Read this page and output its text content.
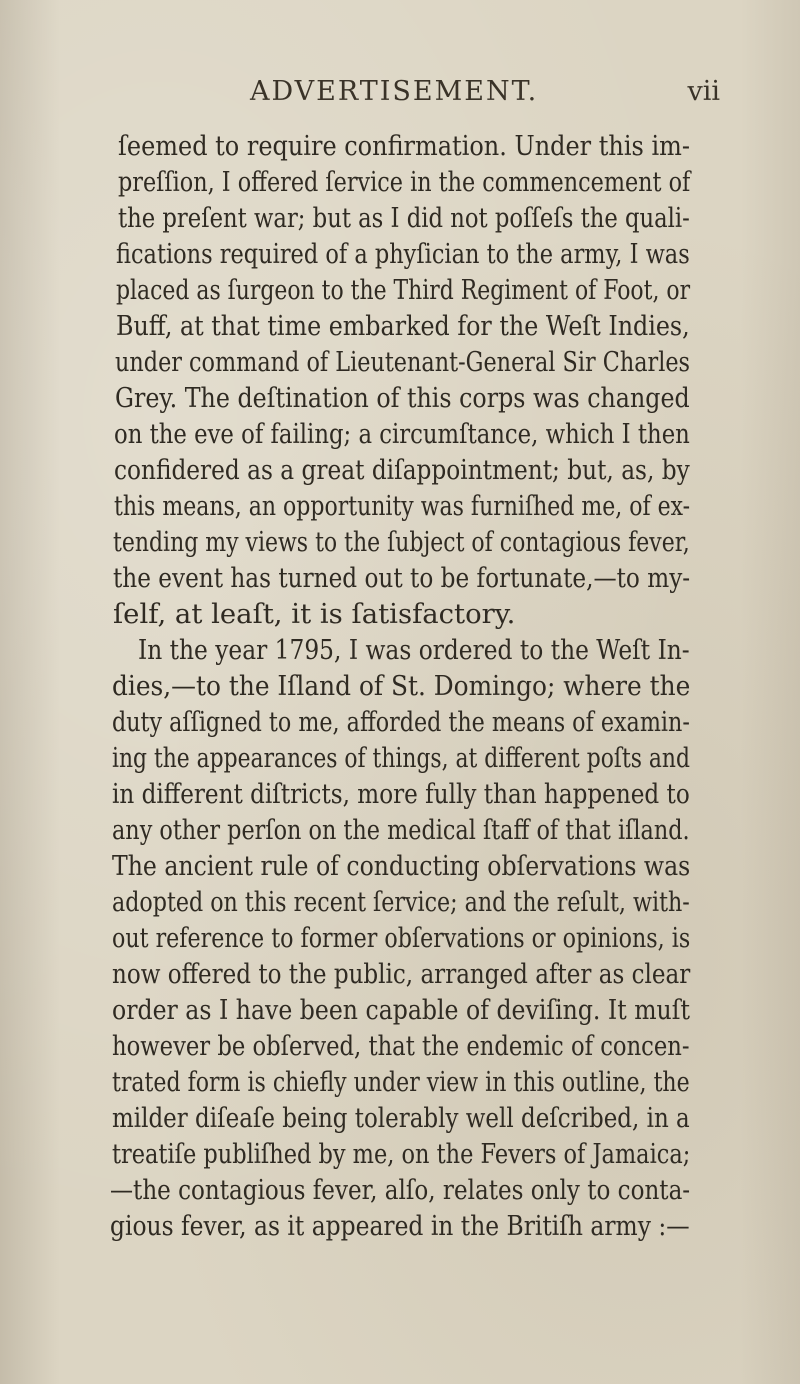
ADVERTISEMENT.	vii
ſeemed to require confirmation. Under this im-
preſſion, I offered ſervice in the commencement of
the preſent war; but as I did not poſſeſs the quali-
fications required of a phyſician to the army, I was
placed as ſurgeon to the Third Regiment of Foot, or
Buff, at that time embarked for the Weſt Indies,
under command of Lieutenant-General Sir Charles
Grey. The deſtination of this corps was changed
on the eve of failing; a circumſtance, which I then
confidered as a great diſappointment; but, as, by
this means, an opportunity was furniſhed me, of ex-
tending my views to the ſubject of contagious fever,
the event has turned out to be fortunate,—to my-
ſelf, at leaſt, it is ſatisfactory.
In the year 1795, I was ordered to the Weſt In-
dies,—to the Iſland of St. Domingo; where the
duty aſſigned to me, afforded the means of examin-
ing the appearances of things, at different poſts and
in different diſtricts, more fully than happened to
any other perſon on the medical ſtaff of that iſland.
The ancient rule of conducting obſervations was
adopted on this recent ſervice; and the reſult, with-
out reference to former obſervations or opinions, is
now offered to the public, arranged after as clear
order as I have been capable of deviſing. It muſt
however be obſerved, that the endemic of concen-
trated form is chiefly under view in this outline, the
milder diſeaſe being tolerably well deſcribed, in a
treatiſe publiſhed by me, on the Fevers of Jamaica;
—the contagious fever, alſo, relates only to conta-
gious fever, as it appeared in the Britiſh army :—
